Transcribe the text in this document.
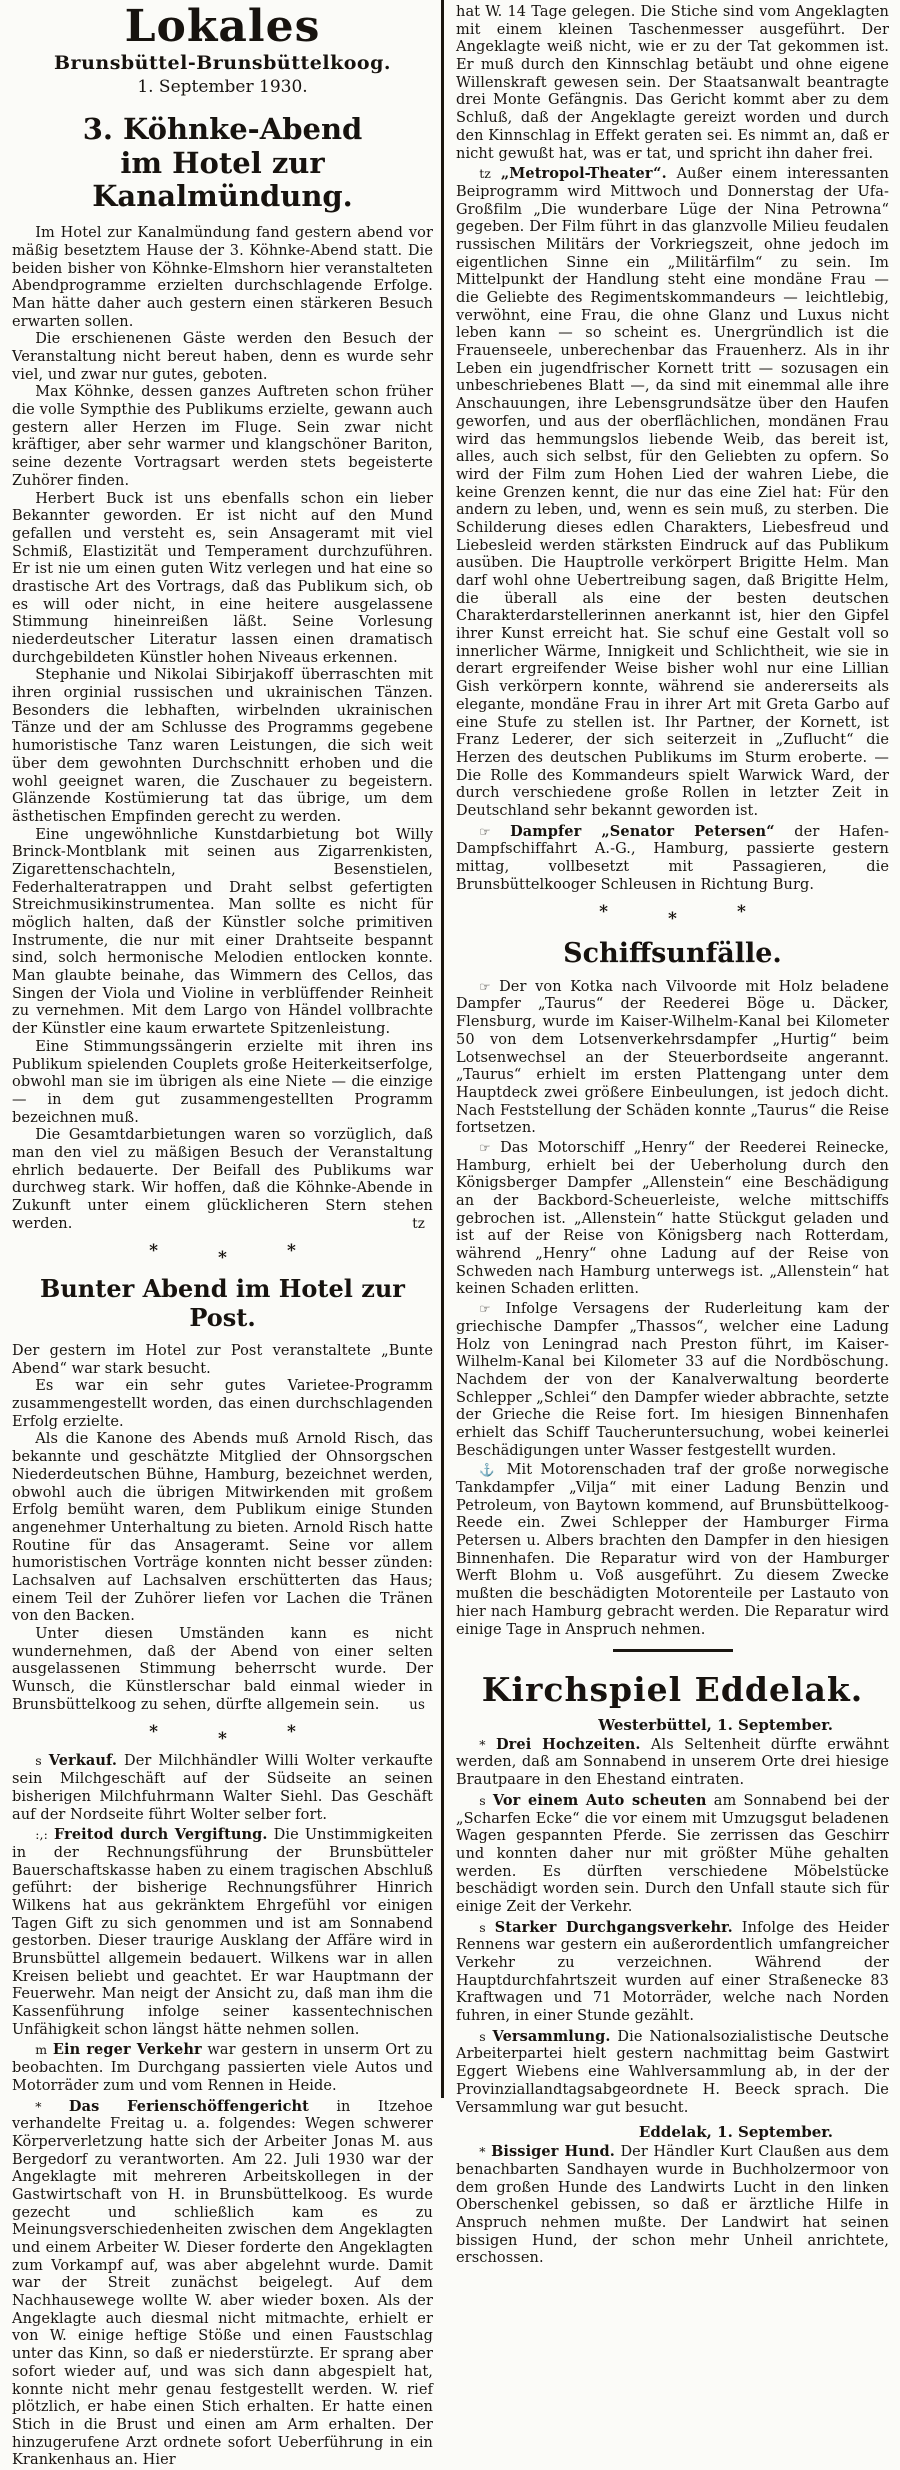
Lokales
Brunsbüttel-Brunsbüttelkoog.
1. September 1930.
3. Köhnke-Abend
im Hotel zur Kanalmündung.

Im Hotel zur Kanalmündung fand gestern abend vor mäßig besetztem Hause der 3. Köhnke-Abend statt. Die beiden bisher von Köhnke-Elmshorn hier veranstalteten Abendprogramme erzielten durchschlagende Erfolge. Man hätte daher auch gestern einen stärkeren Besuch erwarten sollen.

Die erschienenen Gäste werden den Besuch der Veranstaltung nicht bereut haben, denn es wurde sehr viel, und zwar nur gutes, geboten.

Max Köhnke, dessen ganzes Auftreten schon früher die volle Sympthie des Publikums erzielte, gewann auch gestern aller Herzen im Fluge. Sein zwar nicht kräftiger, aber sehr warmer und klangschöner Bariton, seine dezente Vortragsart werden stets begeisterte Zuhörer finden.

Herbert Buck ist uns ebenfalls schon ein lieber Bekannter geworden. Er ist nicht auf den Mund gefallen und versteht es, sein Ansageramt mit viel Schmiß, Elastizität und Temperament durchzuführen. Er ist nie um einen guten Witz verlegen und hat eine so drastische Art des Vortrags, daß das Publikum sich, ob es will oder nicht, in eine heitere ausgelassene Stimmung hineinreißen läßt. Seine Vorlesung niederdeutscher Literatur lassen einen dramatisch durchgebildeten Künstler hohen Niveaus erkennen.

Stephanie und Nikolai Sibirjakoff überraschten mit ihren orginial russischen und ukrainischen Tänzen. Besonders die lebhaften, wirbelnden ukrainischen Tänze und der am Schlusse des Programms gegebene humoristische Tanz waren Leistungen, die sich weit über dem gewohnten Durchschnitt erhoben und die wohl geeignet waren, die Zuschauer zu begeistern. Glänzende Kostümierung tat das übrige, um dem ästhetischen Empfinden gerecht zu werden.

Eine ungewöhnliche Kunstdarbietung bot Willy Brinck-Montblank mit seinen aus Zigarrenkisten, Zigarettenschachteln, Besenstielen, Federhalteratrappen und Draht selbst gefertigten Streichmusikinstrumentea. Man sollte es nicht für möglich halten, daß der Künstler solche primitiven Instrumente, die nur mit einer Drahtseite bespannt sind, solch hermonische Melodien entlocken konnte. Man glaubte beinahe, das Wimmern des Cellos, das Singen der Viola und Violine in verblüffender Reinheit zu vernehmen. Mit dem Largo von Händel vollbrachte der Künstler eine kaum erwartete Spitzenleistung.

Eine Stimmungssängerin erzielte mit ihren ins Publikum spielenden Couplets große Heiterkeitserfolge, obwohl man sie im übrigen als eine Niete — die einzige — in dem gut zusammengestellten Programm bezeichnen muß.

Die Gesamtdarbietungen waren so vorzüglich, daß man den viel zu mäßigen Besuch der Veranstaltung ehrlich bedauerte. Der Beifall des Publikums war durchweg stark. Wir hoffen, daß die Köhnke-Abende in Zukunft unter einem glücklicheren Stern stehen werden.	tz

*	*	*
Bunter Abend im Hotel zur Post.

Der gestern im Hotel zur Post veranstaltete „Bunte Abend“ war stark besucht.

Es war ein sehr gutes Varietee-Programm zusammengestellt worden, das einen durchschlagenden Erfolg erzielte.

Als die Kanone des Abends muß Arnold Risch, das bekannte und geschätzte Mitglied der Ohnsorgschen Niederdeutschen Bühne, Hamburg, bezeichnet werden, obwohl auch die übrigen Mitwirkenden mit großem Erfolg bemüht waren, dem Publikum einige Stunden angenehmer Unterhaltung zu bieten. Arnold Risch hatte Routine für das Ansageramt. Seine vor allem humoristischen Vorträge konnten nicht besser zünden: Lachsalven auf Lachsalven erschütterten das Haus; einem Teil der Zuhörer liefen vor Lachen die Tränen von den Backen.

Unter diesen Umständen kann es nicht wundernehmen, daß der Abend von einer selten ausgelassenen Stimmung beherrscht wurde. Der Wunsch, die Künstlerschar bald einmal wieder in Brunsbüttelkoog zu sehen, dürfte allgemein sein.	us

*	*	*

s Verkauf. Der Milchhändler Willi Wolter verkaufte sein Milchgeschäft auf der Südseite an seinen bisherigen Milchfuhrmann Walter Siehl. Das Geschäft auf der Nordseite führt Wolter selber fort.

:,: Freitod durch Vergiftung. Die Unstimmigkeiten in der Rechnungsführung der Brunsbütteler Bauerschaftskasse haben zu einem tragischen Abschluß geführt: der bisherige Rechnungsführer Hinrich Wilkens hat aus gekränktem Ehrgefühl vor einigen Tagen Gift zu sich genommen und ist am Sonnabend gestorben. Dieser traurige Ausklang der Affäre wird in Brunsbüttel allgemein bedauert. Wilkens war in allen Kreisen beliebt und geachtet. Er war Hauptmann der Feuerwehr. Man neigt der Ansicht zu, daß man ihm die Kassenführung infolge seiner kassentechnischen Unfähigkeit schon längst hätte nehmen sollen.

m Ein reger Verkehr war gestern in unserm Ort zu beobachten. Im Durchgang passierten viele Autos und Motorräder zum und vom Rennen in Heide.

* Das Ferienschöffengericht in Itzehoe verhandelte Freitag u. a. folgendes: Wegen schwerer Körperverletzung hatte sich der Arbeiter Jonas M. aus Bergedorf zu verantworten. Am 22. Juli 1930 war der Angeklagte mit mehreren Arbeitskollegen in der Gastwirtschaft von H. in Brunsbüttelkoog. Es wurde gezecht und schließlich kam es zu Meinungsverschiedenheiten zwischen dem Angeklagten und einem Arbeiter W. Dieser forderte den Angeklagten zum Vorkampf auf, was aber abgelehnt wurde. Damit war der Streit zunächst beigelegt. Auf dem Nachhausewege wollte W. aber wieder boxen. Als der Angeklagte auch diesmal nicht mitmachte, erhielt er von W. einige heftige Stöße und einen Faustschlag unter das Kinn, so daß er niederstürzte. Er sprang aber sofort wieder auf, und was sich dann abgespielt hat, konnte nicht mehr genau festgestellt werden. W. rief plötzlich, er habe einen Stich erhalten. Er hatte einen Stich in die Brust und einen am Arm erhalten. Der hinzugerufene Arzt ordnete sofort Ueberführung in ein Krankenhaus an. Hier

hat W. 14 Tage gelegen. Die Stiche sind vom Angeklagten mit einem kleinen Taschenmesser ausgeführt. Der Angeklagte weiß nicht, wie er zu der Tat gekommen ist. Er muß durch den Kinnschlag betäubt und ohne eigene Willenskraft gewesen sein. Der Staatsanwalt beantragte drei Monte Gefängnis. Das Gericht kommt aber zu dem Schluß, daß der Angeklagte gereizt worden und durch den Kinnschlag in Effekt geraten sei. Es nimmt an, daß er nicht gewußt hat, was er tat, und spricht ihn daher frei.

tz „Metropol-Theater“. Außer einem interessanten Beiprogramm wird Mittwoch und Donnerstag der Ufa-Großfilm „Die wunderbare Lüge der Nina Petrowna“ gegeben. Der Film führt in das glanzvolle Milieu feudalen russischen Militärs der Vorkriegszeit, ohne jedoch im eigentlichen Sinne ein „Militärfilm“ zu sein. Im Mittelpunkt der Handlung steht eine mondäne Frau — die Geliebte des Regimentskommandeurs — leichtlebig, verwöhnt, eine Frau, die ohne Glanz und Luxus nicht leben kann — so scheint es. Unergründlich ist die Frauenseele, unberechenbar das Frauenherz. Als in ihr Leben ein jugendfrischer Kornett tritt — sozusagen ein unbeschriebenes Blatt —, da sind mit einemmal alle ihre Anschauungen, ihre Lebensgrundsätze über den Haufen geworfen, und aus der oberflächlichen, mondänen Frau wird das hemmungslos liebende Weib, das bereit ist, alles, auch sich selbst, für den Geliebten zu opfern. So wird der Film zum Hohen Lied der wahren Liebe, die keine Grenzen kennt, die nur das eine Ziel hat: Für den andern zu leben, und, wenn es sein muß, zu sterben. Die Schilderung dieses edlen Charakters, Liebesfreud und Liebesleid werden stärksten Eindruck auf das Publikum ausüben. Die Hauptrolle verkörpert Brigitte Helm. Man darf wohl ohne Uebertreibung sagen, daß Brigitte Helm, die überall als eine der besten deutschen Charakterdarstellerinnen anerkannt ist, hier den Gipfel ihrer Kunst erreicht hat. Sie schuf eine Gestalt voll so innerlicher Wärme, Innigkeit und Schlichtheit, wie sie in derart ergreifender Weise bisher wohl nur eine Lillian Gish verkörpern konnte, während sie andererseits als elegante, mondäne Frau in ihrer Art mit Greta Garbo auf eine Stufe zu stellen ist. Ihr Partner, der Kornett, ist Franz Lederer, der sich seiterzeit in „Zuflucht“ die Herzen des deutschen Publikums im Sturm eroberte. — Die Rolle des Kommandeurs spielt Warwick Ward, der durch verschiedene große Rollen in letzter Zeit in Deutschland sehr bekannt geworden ist.

☞ Dampfer „Senator Petersen“ der Hafen-Dampfschiffahrt A.-G., Hamburg, passierte gestern mittag, vollbesetzt mit Passagieren, die Brunsbüttelkooger Schleusen in Richtung Burg.

*	*	*
Schiffsunfälle.

☞ Der von Kotka nach Vilvoorde mit Holz beladene Dampfer „Taurus“ der Reederei Böge u. Däcker, Flensburg, wurde im Kaiser-Wilhelm-Kanal bei Kilometer 50 von dem Lotsenverkehrsdampfer „Hurtig“ beim Lotsenwechsel an der Steuerbordseite angerannt. „Taurus“ erhielt im ersten Plattengang unter dem Hauptdeck zwei größere Einbeulungen, ist jedoch dicht. Nach Feststellung der Schäden konnte „Taurus“ die Reise fortsetzen.

☞ Das Motorschiff „Henry“ der Reederei Reinecke, Hamburg, erhielt bei der Ueberholung durch den Königsberger Dampfer „Allenstein“ eine Beschädigung an der Backbord-Scheuerleiste, welche mittschiffs gebrochen ist. „Allenstein“ hatte Stückgut geladen und ist auf der Reise von Königsberg nach Rotterdam, während „Henry“ ohne Ladung auf der Reise von Schweden nach Hamburg unterwegs ist. „Allenstein“ hat keinen Schaden erlitten.

☞ Infolge Versagens der Ruderleitung kam der griechische Dampfer „Thassos“, welcher eine Ladung Holz von Leningrad nach Preston führt, im Kaiser-Wilhelm-Kanal bei Kilometer 33 auf die Nordböschung. Nachdem der von der Kanalverwaltung beorderte Schlepper „Schlei“ den Dampfer wieder abbrachte, setzte der Grieche die Reise fort. Im hiesigen Binnenhafen erhielt das Schiff Taucheruntersuchung, wobei keinerlei Beschädigungen unter Wasser festgestellt wurden.

⚓ Mit Motorenschaden traf der große norwegische Tankdampfer „Vilja“ mit einer Ladung Benzin und Petroleum, von Baytown kommend, auf Brunsbüttelkoog-Reede ein. Zwei Schlepper der Hamburger Firma Petersen u. Albers brachten den Dampfer in den hiesigen Binnenhafen. Die Reparatur wird von der Hamburger Werft Blohm u. Voß ausgeführt. Zu diesem Zwecke mußten die beschädigten Motorenteile per Lastauto von hier nach Hamburg gebracht werden. Die Reparatur wird einige Tage in Anspruch nehmen.

Kirchspiel Eddelak.
Westerbüttel, 1. September.

* Drei Hochzeiten. Als Seltenheit dürfte erwähnt werden, daß am Sonnabend in unserem Orte drei hiesige Brautpaare in den Ehestand eintraten.

s Vor einem Auto scheuten am Sonnabend bei der „Scharfen Ecke“ die vor einem mit Umzugsgut beladenen Wagen gespannten Pferde. Sie zerrissen das Geschirr und konnten daher nur mit größter Mühe gehalten werden. Es dürften verschiedene Möbelstücke beschädigt worden sein. Durch den Unfall staute sich für einige Zeit der Verkehr.

s Starker Durchgangsverkehr. Infolge des Heider Rennens war gestern ein außerordentlich umfangreicher Verkehr zu verzeichnen. Während der Hauptdurchfahrtszeit wurden auf einer Straßenecke 83 Kraftwagen und 71 Motorräder, welche nach Norden fuhren, in einer Stunde gezählt.

s Versammlung. Die Nationalsozialistische Deutsche Arbeiterpartei hielt gestern nachmittag beim Gastwirt Eggert Wiebens eine Wahlversammlung ab, in der der Provinziallandtagsabgeordnete H. Beeck sprach. Die Versammlung war gut besucht.

Eddelak, 1. September.

* Bissiger Hund. Der Händler Kurt Claußen aus dem benachbarten Sandhayen wurde in Buchholzermoor von dem großen Hunde des Landwirts Lucht in den linken Oberschenkel gebissen, so daß er ärztliche Hilfe in Anspruch nehmen mußte. Der Landwirt hat seinen bissigen Hund, der schon mehr Unheil anrichtete, erschossen.
